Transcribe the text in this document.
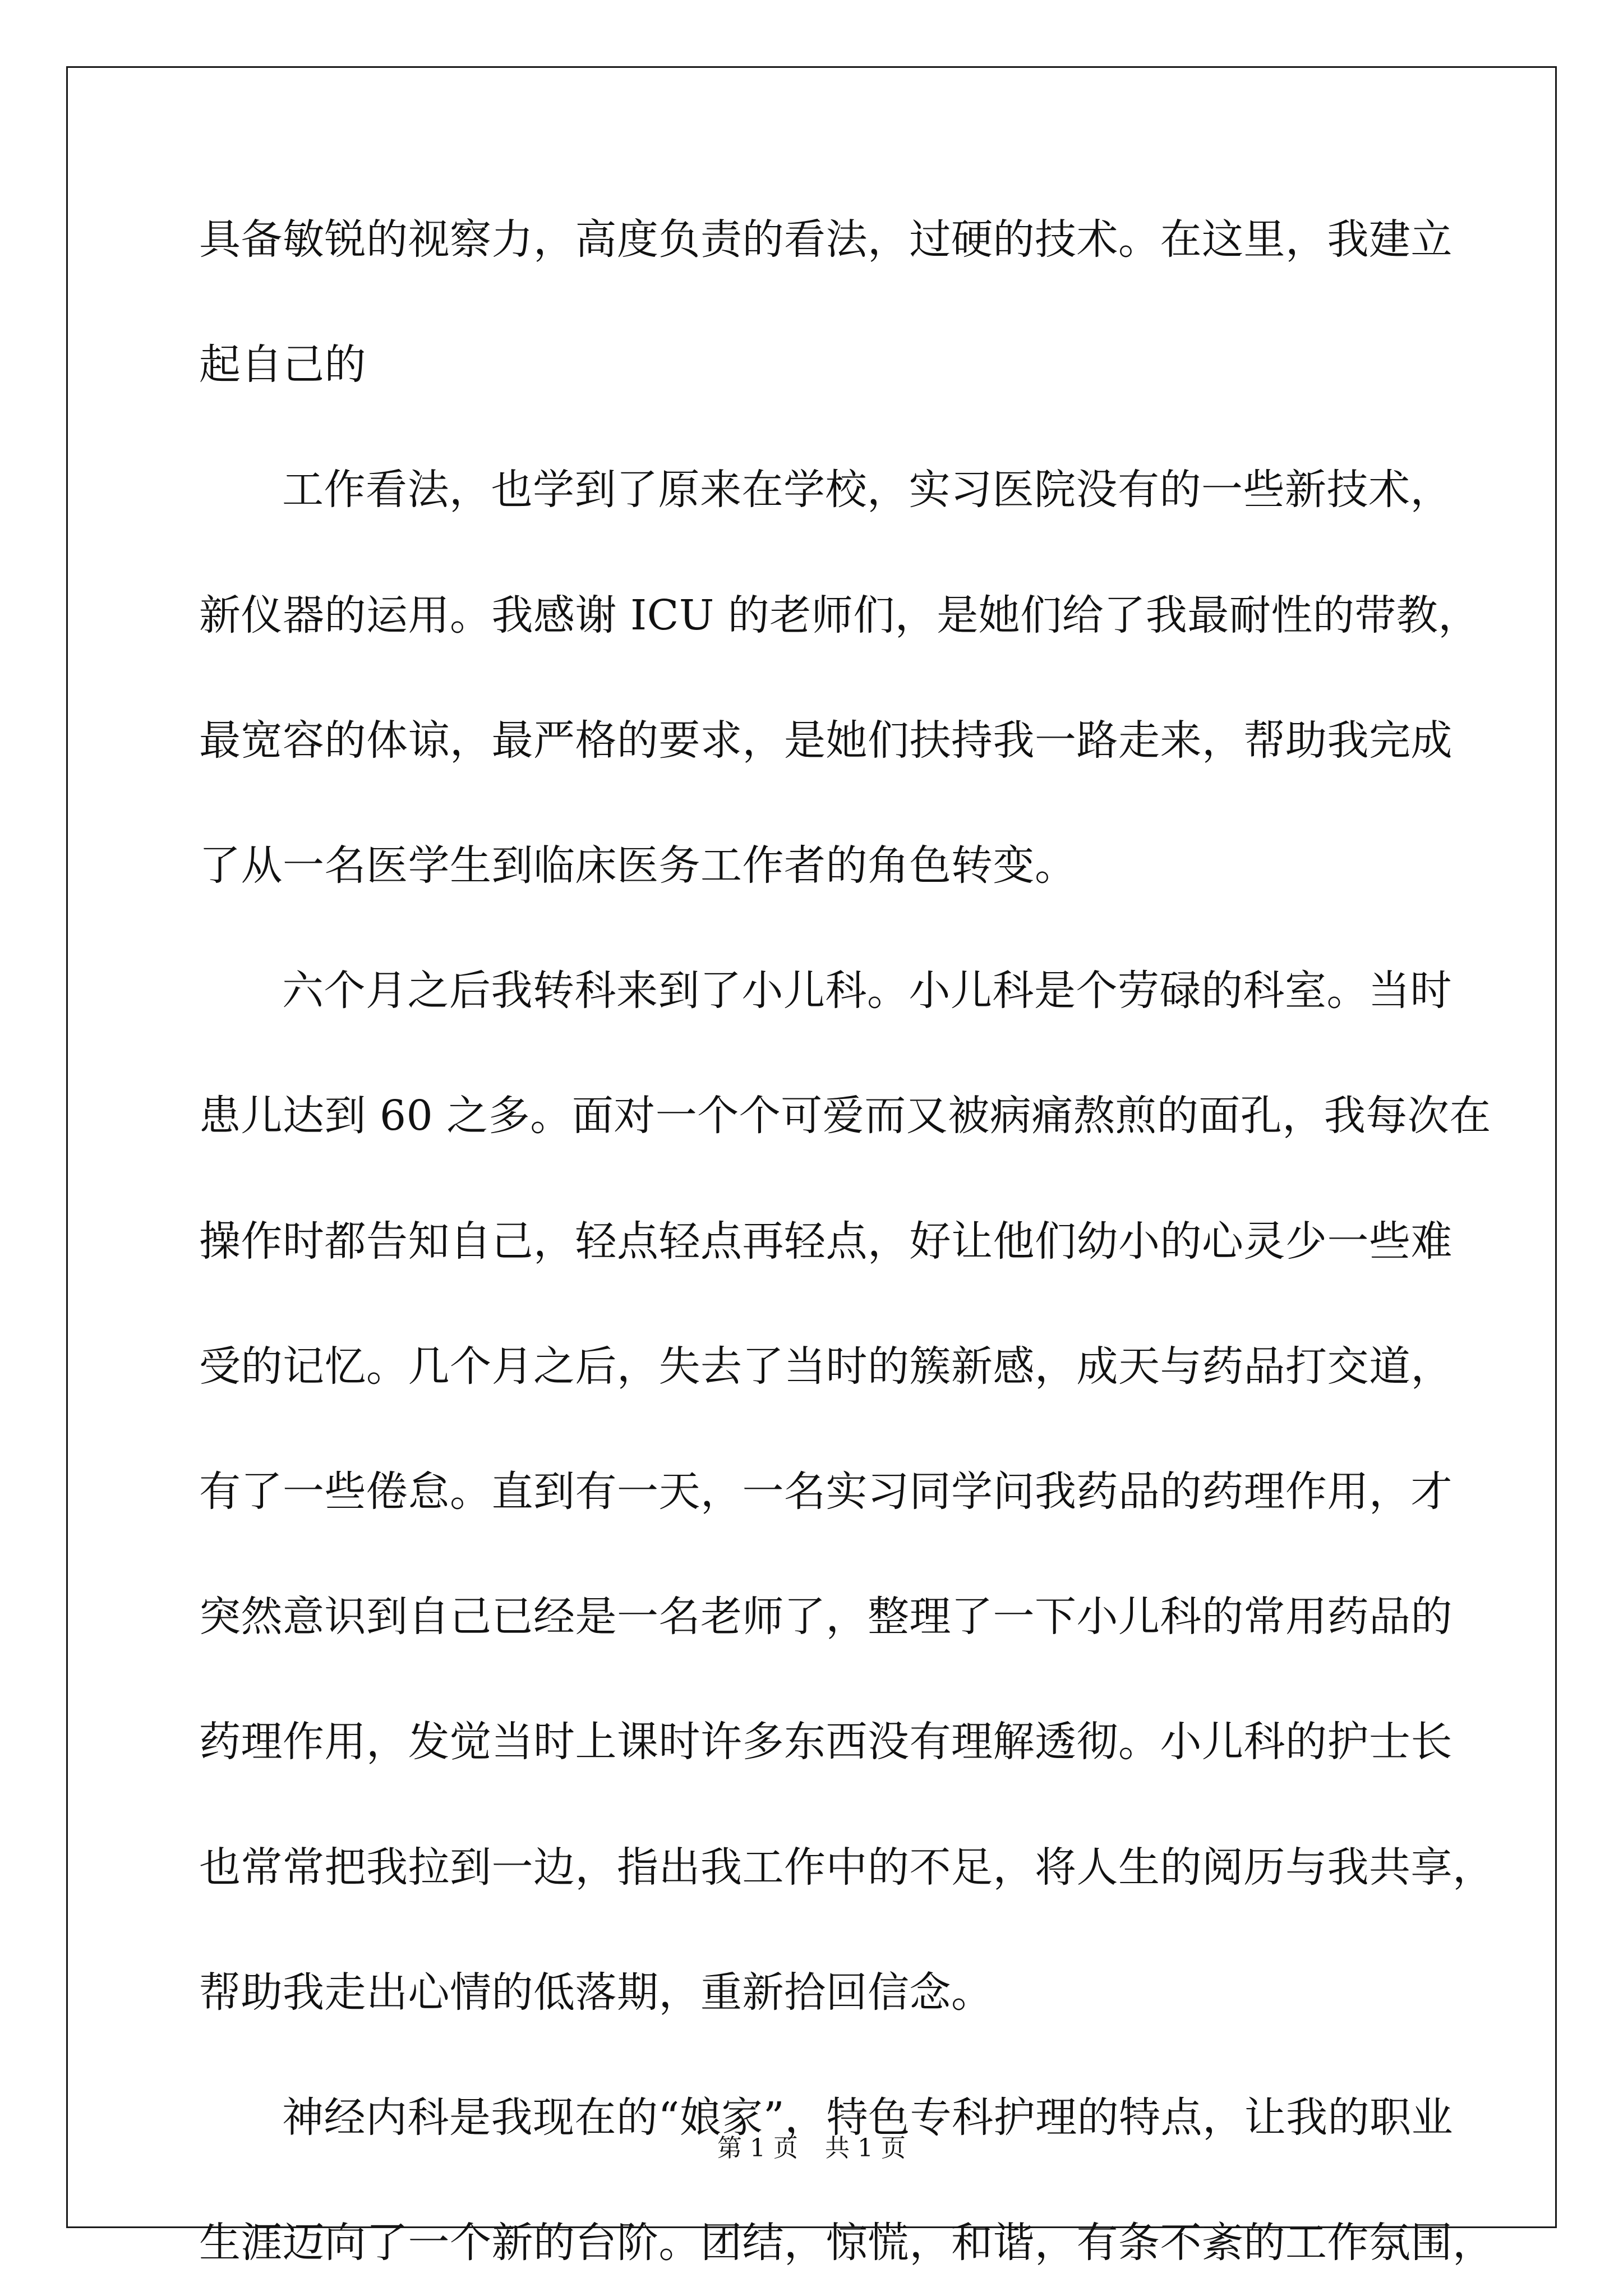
具备敏锐的视察力，高度负责的看法，过硬的技术。在这里，我建立
起自己的
工作看法，也学到了原来在学校，实习医院没有的一些新技术，
新仪器的运用。我感谢 ICU 的老师们，是她们给了我最耐性的带教，
最宽容的体谅，最严格的要求，是她们扶持我一路走来，帮助我完成
了从一名医学生到临床医务工作者的角色转变。
六个月之后我转科来到了小儿科。小儿科是个劳碌的科室。当时
患儿达到 60 之多。面对一个个可爱而又被病痛熬煎的面孔，我每次在
操作时都告知自己，轻点轻点再轻点，好让他们幼小的心灵少一些难
受的记忆。几个月之后，失去了当时的簇新感，成天与药品打交道，
有了一些倦怠。直到有一天，一名实习同学问我药品的药理作用，才
突然意识到自己已经是一名老师了，整理了一下小儿科的常用药品的
药理作用，发觉当时上课时许多东西没有理解透彻。小儿科的护士长
也常常把我拉到一边，指出我工作中的不足，将人生的阅历与我共享，
帮助我走出心情的低落期，重新拾回信念。
神经内科是我现在的“娘家”，特色专科护理的特点，让我的职业
生涯迈向了一个新的台阶。团结，惊慌，和谐，有条不紊的工作氛围，
第 1 页 共 1 页
